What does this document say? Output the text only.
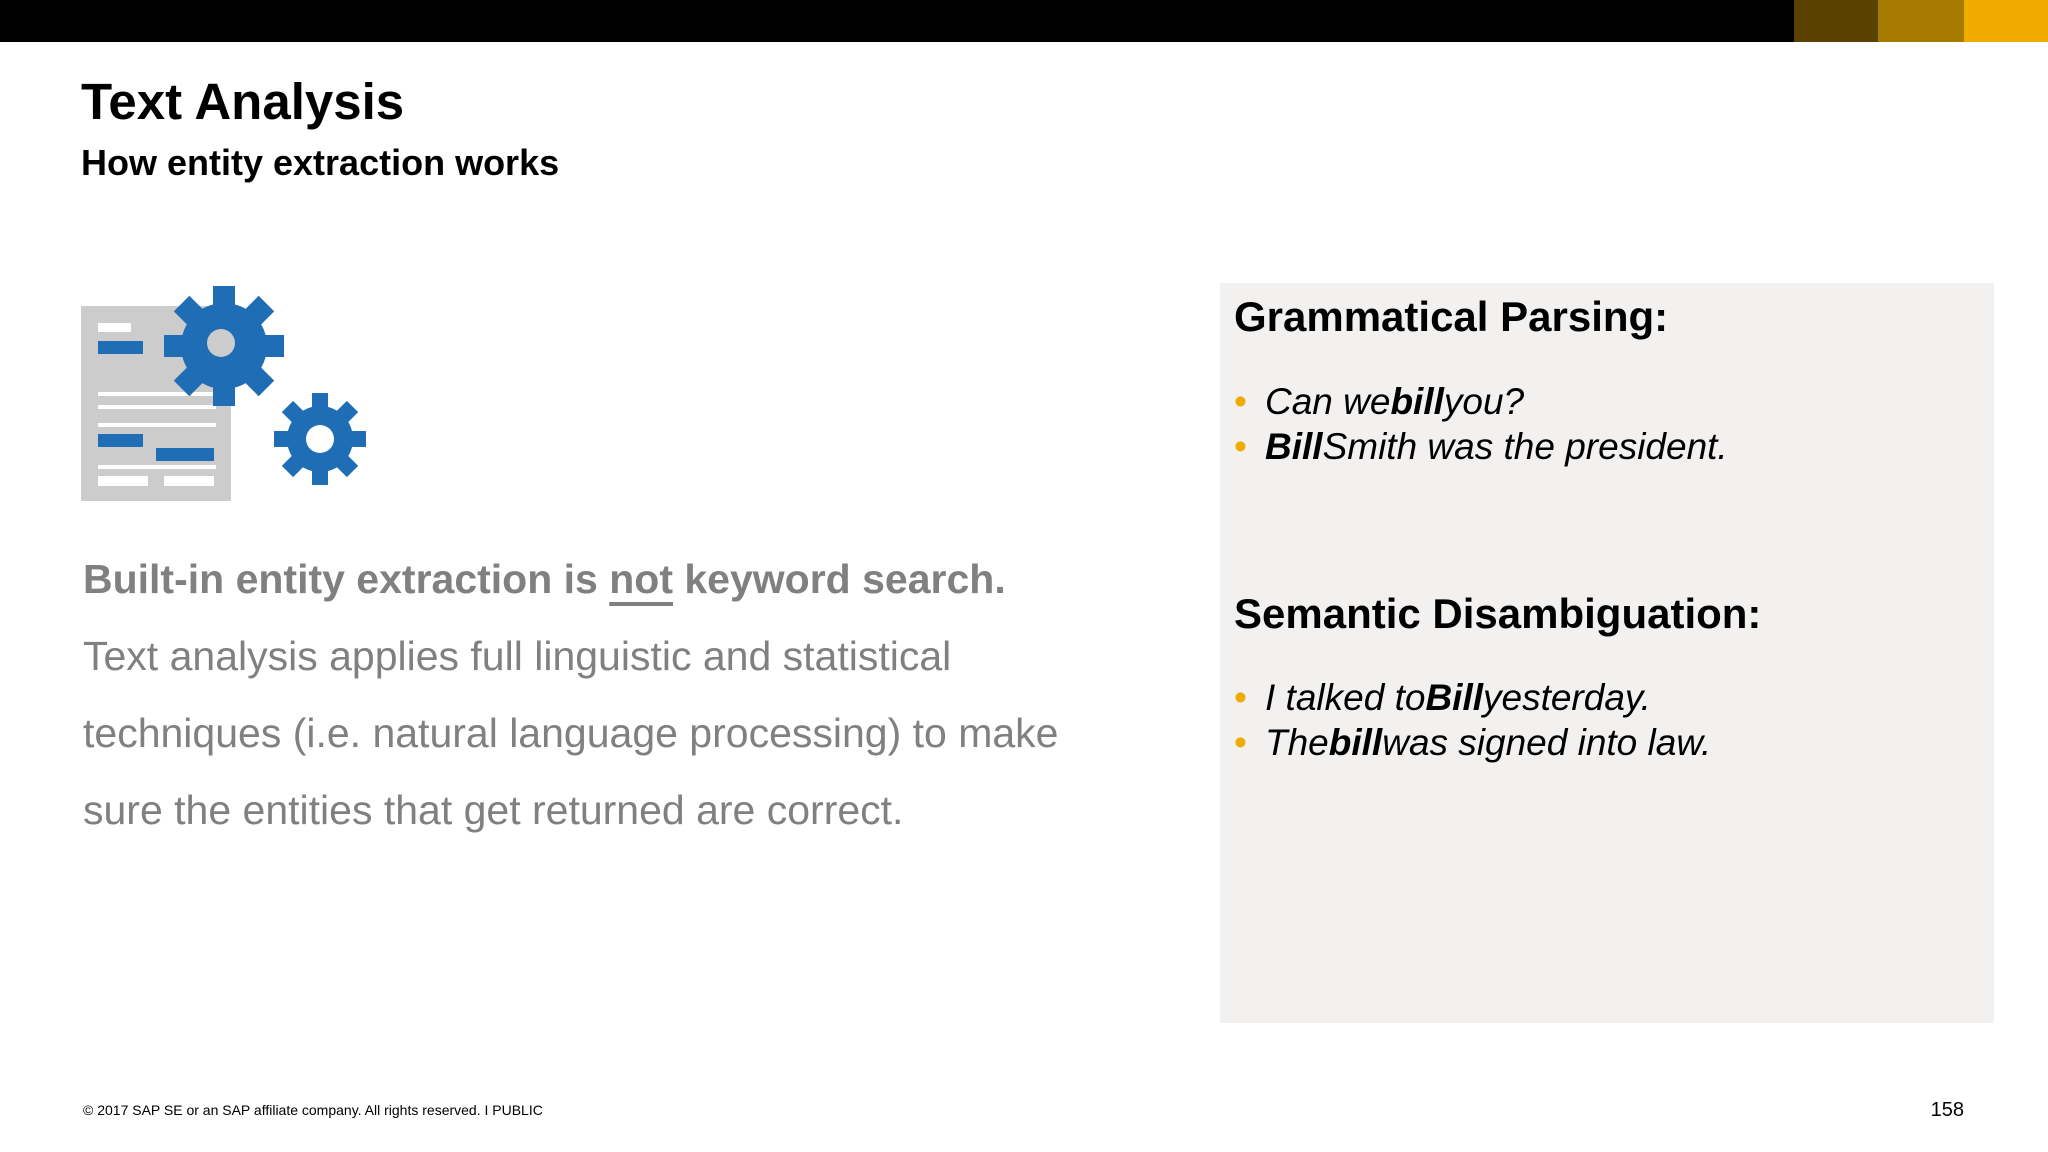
Text Analysis
How entity extraction works

Built-in entity extraction is not keyword search.

Text analysis applies full linguistic and statistical techniques (i.e. natural language processing) to make sure the entities that get returned are correct.

Grammatical Parsing:
• Can we bill you?
• Bill Smith was the president.
Semantic Disambiguation:
• I talked to Bill yesterday.
• The bill was signed into law.
© 2017 SAP SE or an SAP affiliate company. All rights reserved. I PUBLIC	158
